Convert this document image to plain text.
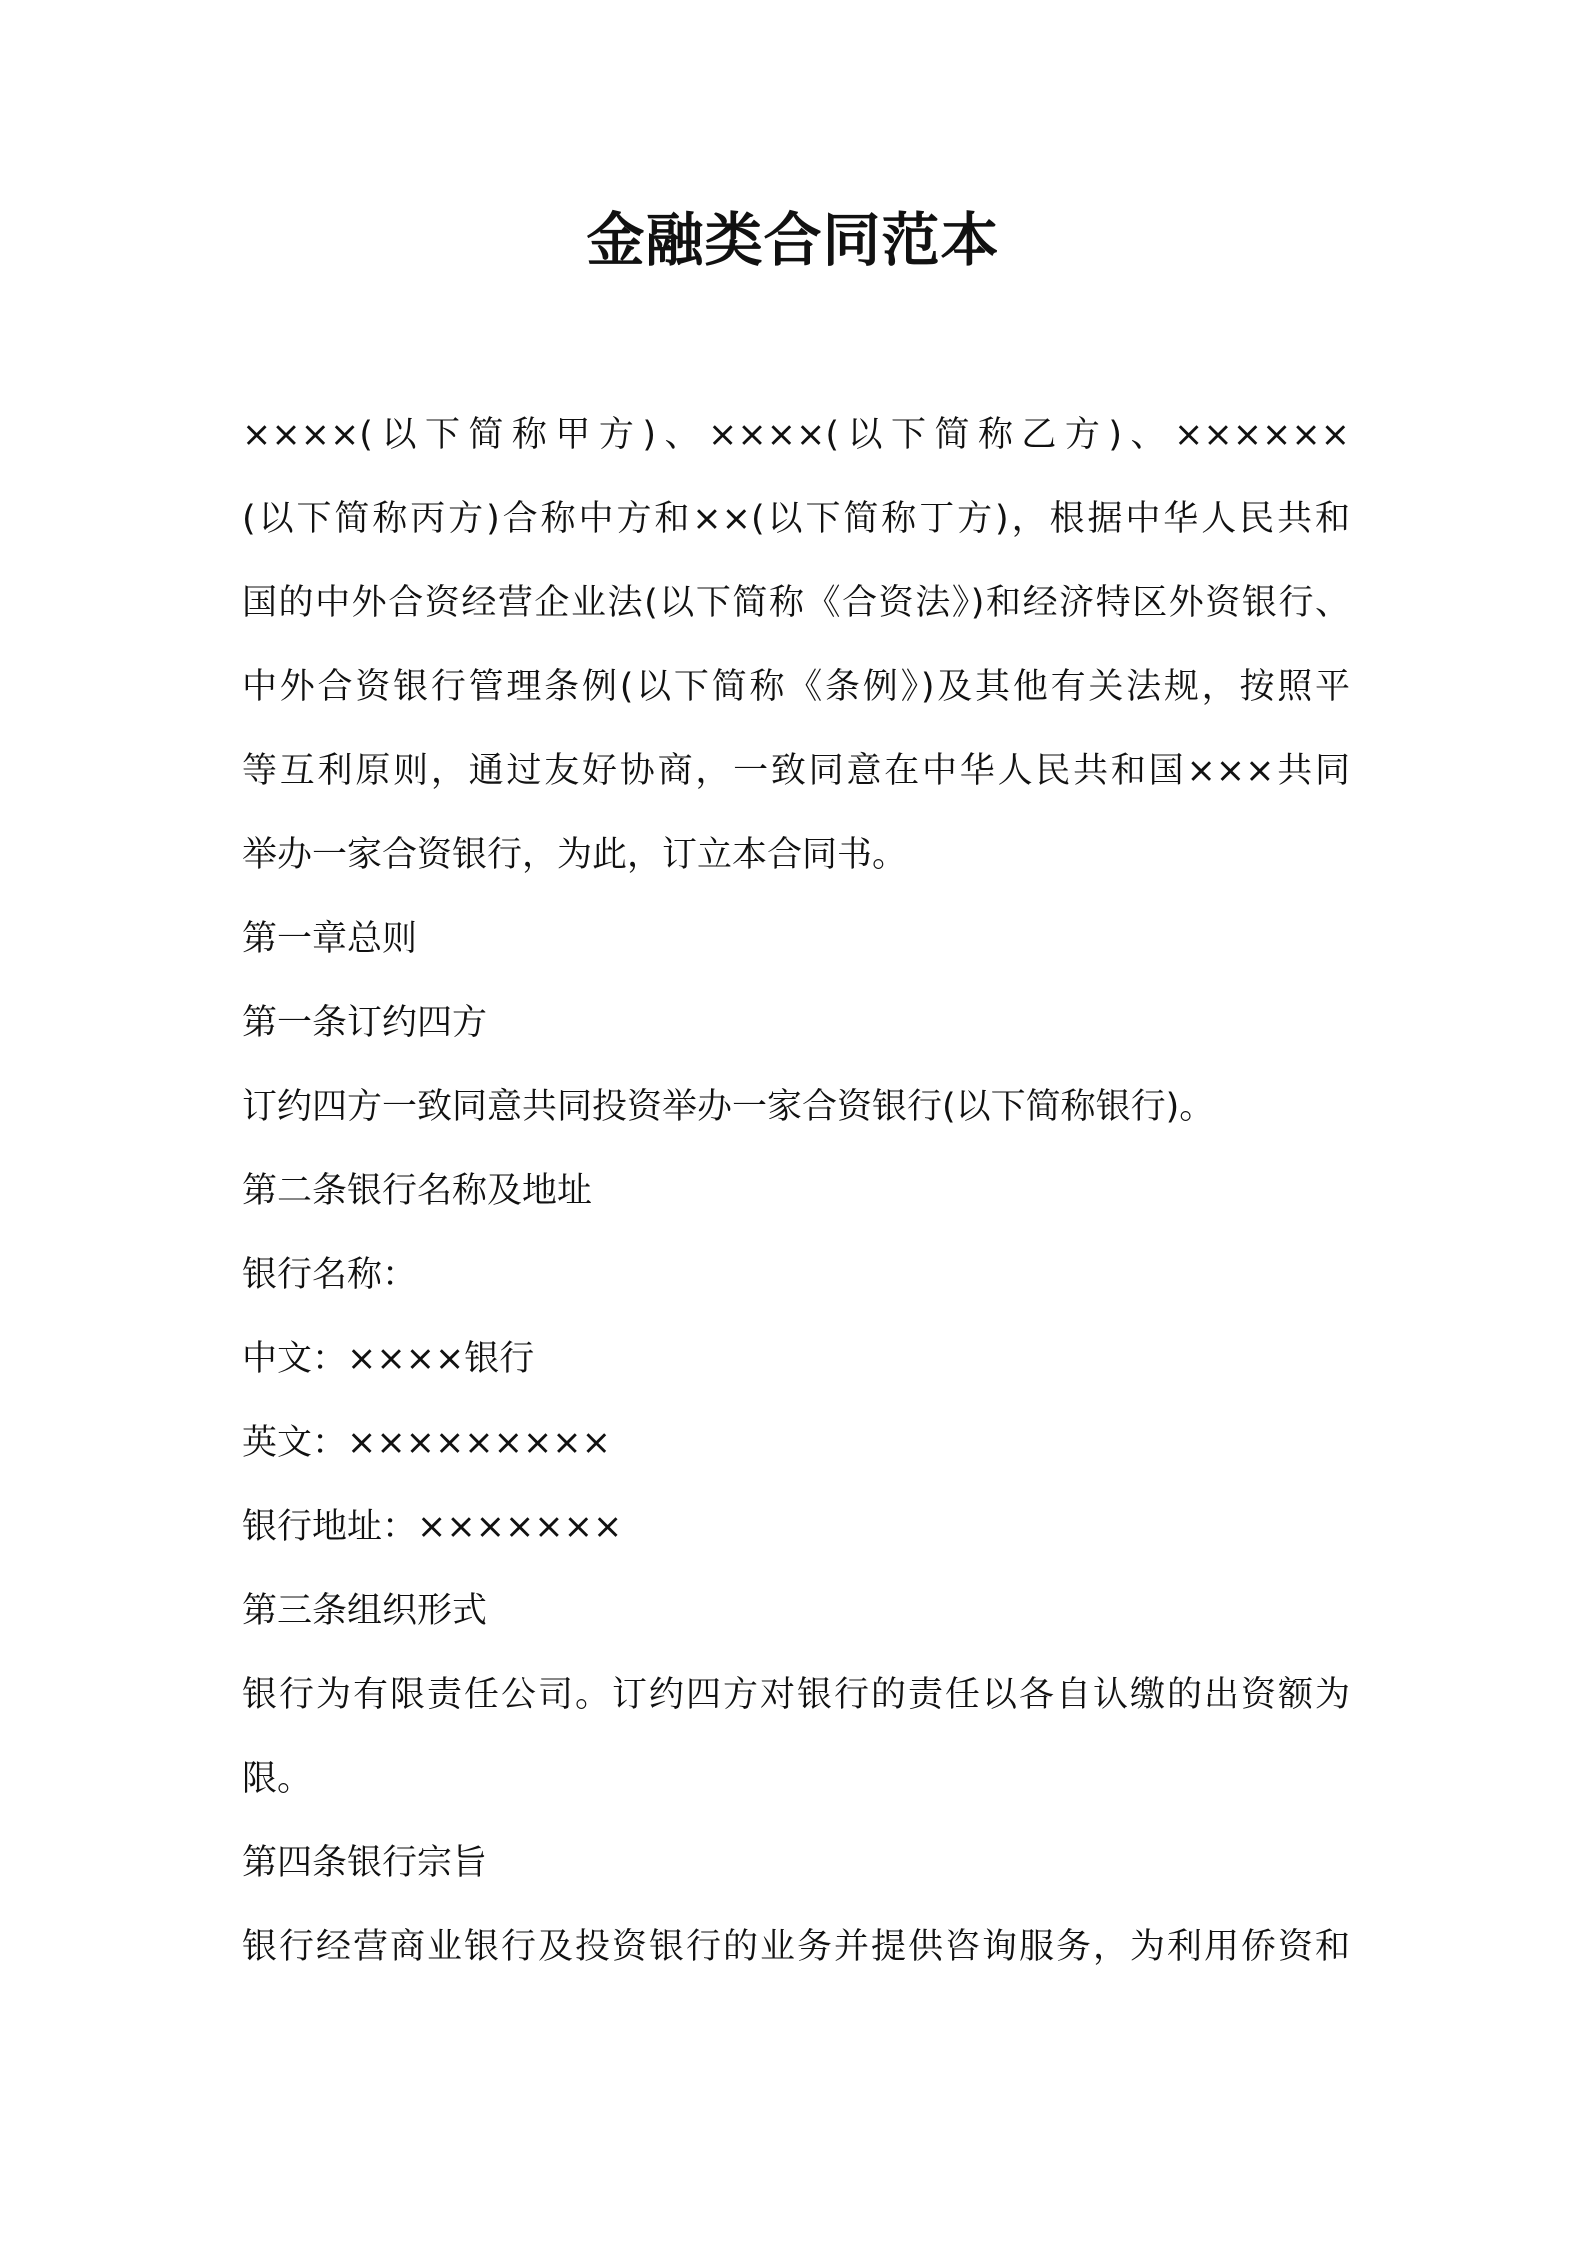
金融类合同范本
××××(以下简称甲方)、××××(以下简称乙方)、××××××
(以下简称丙方)合称中方和××(以下简称丁方)，根据中华人民共和
国的中外合资经营企业法(以下简称《合资法》)和经济特区外资银行、
中外合资银行管理条例(以下简称《条例》)及其他有关法规，按照平
等互利原则，通过友好协商，一致同意在中华人民共和国×××共同
举办一家合资银行，为此，订立本合同书。
第一章总则
第一条订约四方
订约四方一致同意共同投资举办一家合资银行(以下简称银行)。
第二条银行名称及地址
银行名称：
中文：××××银行
英文：×××××××××
银行地址：×××××××
第三条组织形式
银行为有限责任公司。订约四方对银行的责任以各自认缴的出资额为
限。
第四条银行宗旨
银行经营商业银行及投资银行的业务并提供咨询服务，为利用侨资和
